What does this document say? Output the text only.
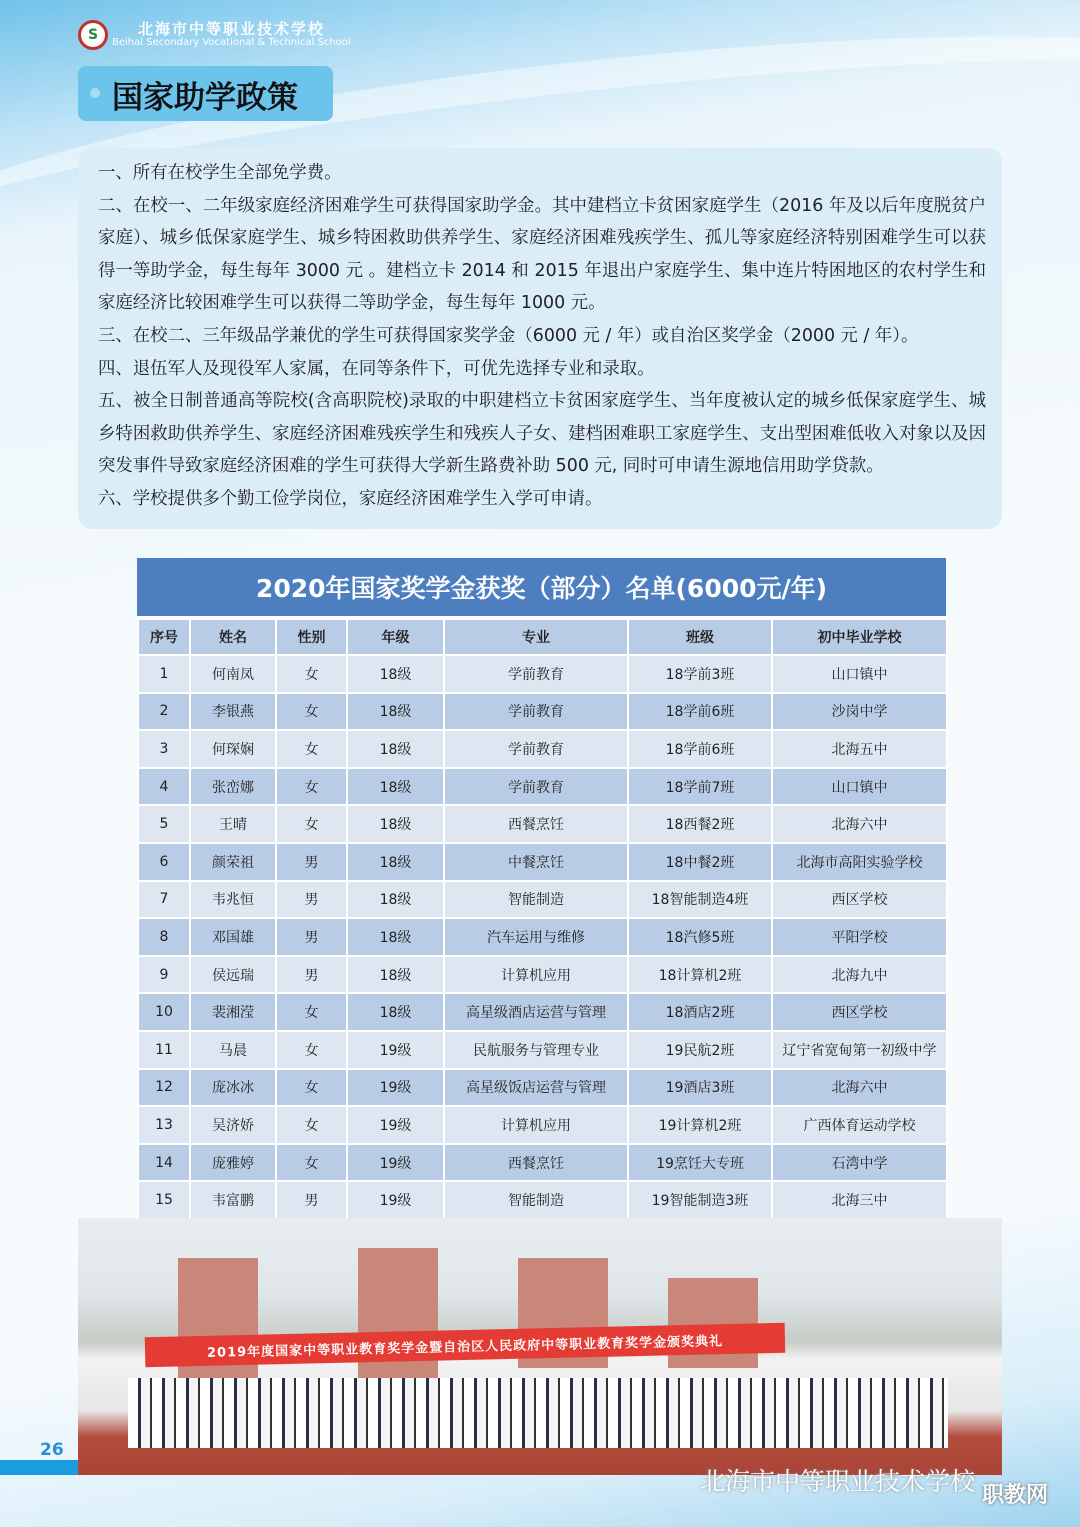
S	北海市中等职业技术学校
Beihai Secondary Vocational & Technical School
国家助学政策

一、所有在校学生全部免学费。

二、在校一、二年级家庭经济困难学生可获得国家助学金。其中建档立卡贫困家庭学生（2016 年及以后年度脱贫户家庭）、城乡低保家庭学生、城乡特困救助供养学生、家庭经济困难残疾学生、孤儿等家庭经济特别困难学生可以获得一等助学金，每生每年 3000 元 。建档立卡 2014 和 2015 年退出户家庭学生、集中连片特困地区的农村学生和家庭经济比较困难学生可以获得二等助学金，每生每年 1000 元。

三、在校二、三年级品学兼优的学生可获得国家奖学金（6000 元 / 年）或自治区奖学金（2000 元 / 年）。

四、退伍军人及现役军人家属，在同等条件下，可优先选择专业和录取。

五、被全日制普通高等院校(含高职院校)录取的中职建档立卡贫困家庭学生、当年度被认定的城乡低保家庭学生、城乡特困救助供养学生、家庭经济困难残疾学生和残疾人子女、建档困难职工家庭学生、支出型困难低收入对象以及因突发事件导致家庭经济困难的学生可获得大学新生路费补助 500 元, 同时可申请生源地信用助学贷款。

六、学校提供多个勤工俭学岗位，家庭经济困难学生入学可申请。

2020年国家奖学金获奖（部分）名单(6000元/年)
序号	姓名	性别	年级	专业	班级	初中毕业学校
1	何南凤	女	18级	学前教育	18学前3班	山口镇中
2	李银燕	女	18级	学前教育	18学前6班	沙岗中学
3	何琛娴	女	18级	学前教育	18学前6班	北海五中
4	张峦娜	女	18级	学前教育	18学前7班	山口镇中
5	王晴	女	18级	西餐烹饪	18西餐2班	北海六中
6	颜荣祖	男	18级	中餐烹饪	18中餐2班	北海市高阳实验学校
7	韦兆恒	男	18级	智能制造	18智能制造4班	西区学校
8	邓国雄	男	18级	汽车运用与维修	18汽修5班	平阳学校
9	侯远瑞	男	18级	计算机应用	18计算机2班	北海九中
10	裴湘滢	女	18级	高星级酒店运营与管理	18酒店2班	西区学校
11	马晨	女	19级	民航服务与管理专业	19民航2班	辽宁省宽甸第一初级中学
12	庞冰冰	女	19级	高星级饭店运营与管理	19酒店3班	北海六中
13	吴济娇	女	19级	计算机应用	19计算机2班	广西体育运动学校
14	庞雅婷	女	19级	西餐烹饪	19烹饪大专班	石湾中学
15	韦富鹏	男	19级	智能制造	19智能制造3班	北海三中
2019年度国家中等职业教育奖学金暨自治区人民政府中等职业教育奖学金颁奖典礼
26
北海市中等职业技术学校 职教网
